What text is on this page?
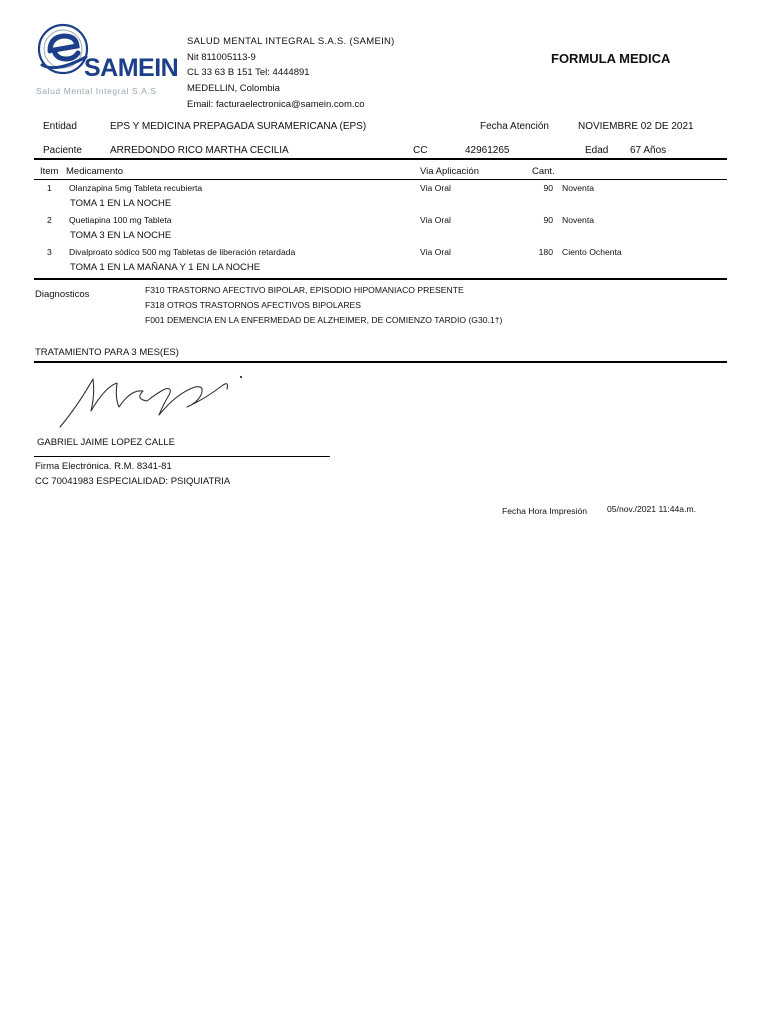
SAMEIN
Salud Mental Integral S.A.S
SALUD MENTAL INTEGRAL S.A.S. (SAMEIN)
Nit 811005113-9
CL 33 63 B 151 Tel: 4444891
MEDELLIN, Colombia
Email: facturaelectronica@samein.com.co
FORMULA MEDICA
Entidad	EPS Y MEDICINA PREPAGADA SURAMERICANA (EPS)	Fecha Atención	NOVIEMBRE 02 DE 2021
Paciente	ARREDONDO RICO MARTHA CECILIA	CC	42961265	Edad 67 Años
Item Medicamento	Via Aplicación	Cant.
1 Olanzapina 5mg Tableta recubierta	Via Oral	90 Noventa
TOMA 1 EN LA NOCHE
2 Quetiapina 100 mg Tableta	Via Oral	90 Noventa
TOMA 3 EN LA NOCHE
3 Divalproato sódico 500 mg Tabletas de liberación retardada	Via Oral	180 Ciento Ochenta
TOMA 1 EN LA MAÑANA Y 1 EN LA NOCHE
Diagnosticos	F310 TRASTORNO AFECTIVO BIPOLAR, EPISODIO HIPOMANIACO PRESENTE
F318 OTROS TRASTORNOS AFECTIVOS BIPOLARES
F001 DEMENCIA EN LA ENFERMEDAD DE ALZHEIMER, DE COMIENZO TARDIO (G30.1†)
TRATAMIENTO PARA 3 MES(ES)
GABRIEL JAIME LOPEZ CALLE
Firma Electrónica. R.M. 8341-81
CC 70041983 ESPECIALIDAD: PSIQUIATRIA
Fecha Hora Impresión 05/nov./2021 11:44a.m.
